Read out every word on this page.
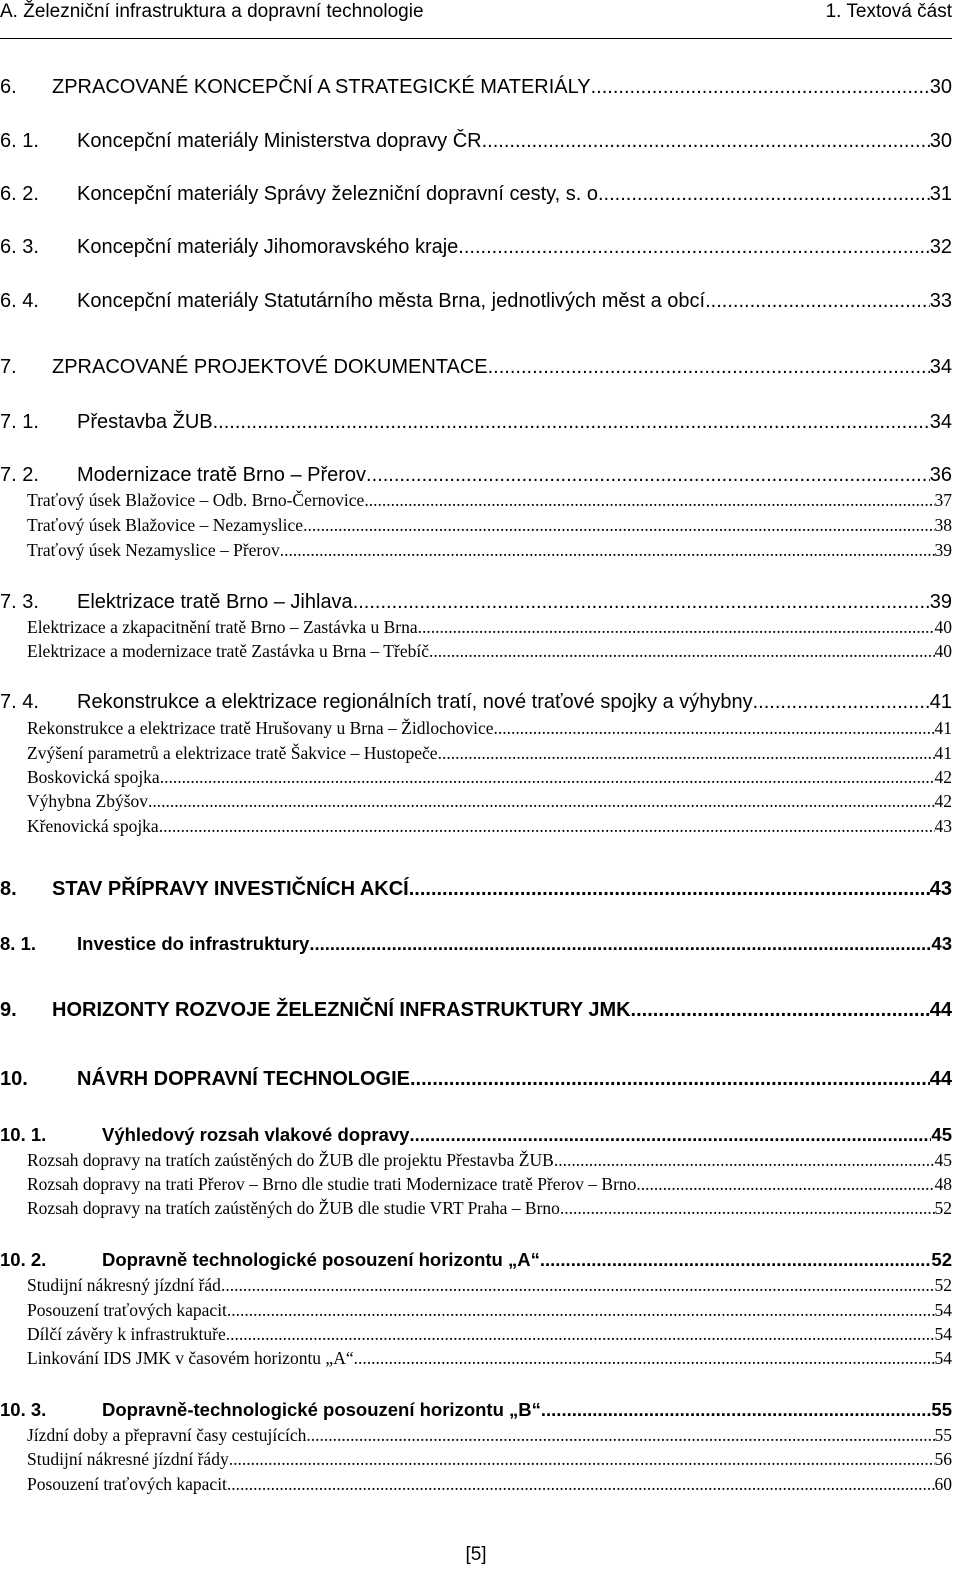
A. Železniční infrastruktura a dopravní technologie	1. Textová část
6.	ZPRACOVANÉ KONCEPČNÍ A STRATEGICKÉ MATERIÁLY .....	30
6. 1.	Koncepční materiály Ministerstva dopravy ČR .....	30
6. 2.	Koncepční materiály Správy železniční dopravní cesty, s. o. .....	31
6. 3.	Koncepční materiály Jihomoravského kraje .....	32
6. 4.	Koncepční materiály Statutárního města Brna, jednotlivých měst a obcí .....	33
7.	ZPRACOVANÉ PROJEKTOVÉ DOKUMENTACE .....	34
7. 1.	Přestavba ŽUB .....	34
7. 2.	Modernizace tratě Brno – Přerov .....	36
Traťový úsek Blažovice – Odb. Brno-Černovice .....	37
Traťový úsek Blažovice – Nezamyslice .....	38
Traťový úsek Nezamyslice – Přerov .....	39
7. 3.	Elektrizace tratě Brno – Jihlava .....	39
Elektrizace a zkapacitnění tratě Brno – Zastávka u Brna .....	40
Elektrizace a modernizace tratě Zastávka u Brna – Třebíč .....	40
7. 4.	Rekonstrukce a elektrizace regionálních tratí, nové traťové spojky a výhybny .....	41
Rekonstrukce a elektrizace tratě Hrušovany u Brna – Židlochovice .....	41
Zvýšení parametrů a elektrizace tratě Šakvice – Hustopeče .....	41
Boskovická spojka .....	42
Výhybna Zbýšov .....	42
Křenovická spojka .....	43
8.	STAV PŘÍPRAVY INVESTIČNÍCH AKCÍ .....	43
8. 1.	Investice do infrastruktury .....	43
9.	HORIZONTY ROZVOJE ŽELEZNIČNÍ INFRASTRUKTURY JMK .....	44
10.	NÁVRH DOPRAVNÍ TECHNOLOGIE .....	44
10. 1.	Výhledový rozsah vlakové dopravy .....	45
Rozsah dopravy na tratích zaústěných do ŽUB dle projektu Přestavba ŽUB .....	45
Rozsah dopravy na trati Přerov – Brno dle studie trati Modernizace tratě Přerov – Brno .....	48
Rozsah dopravy na tratích zaústěných do ŽUB dle studie VRT Praha – Brno .....	52
10. 2.	Dopravně technologické posouzení horizontu „A“ .....	52
Studijní nákresný jízdní řád .....	52
Posouzení traťových kapacit .....	54
Dílčí závěry k infrastruktuře .....	54
Linkování IDS JMK v časovém horizontu „A“ .....	54
10. 3.	Dopravně-technologické posouzení horizontu „B“ .....	55
Jízdní doby a přepravní časy cestujících .....	55
Studijní nákresné jízdní řády .....	56
Posouzení traťových kapacit .....	60
[5]
